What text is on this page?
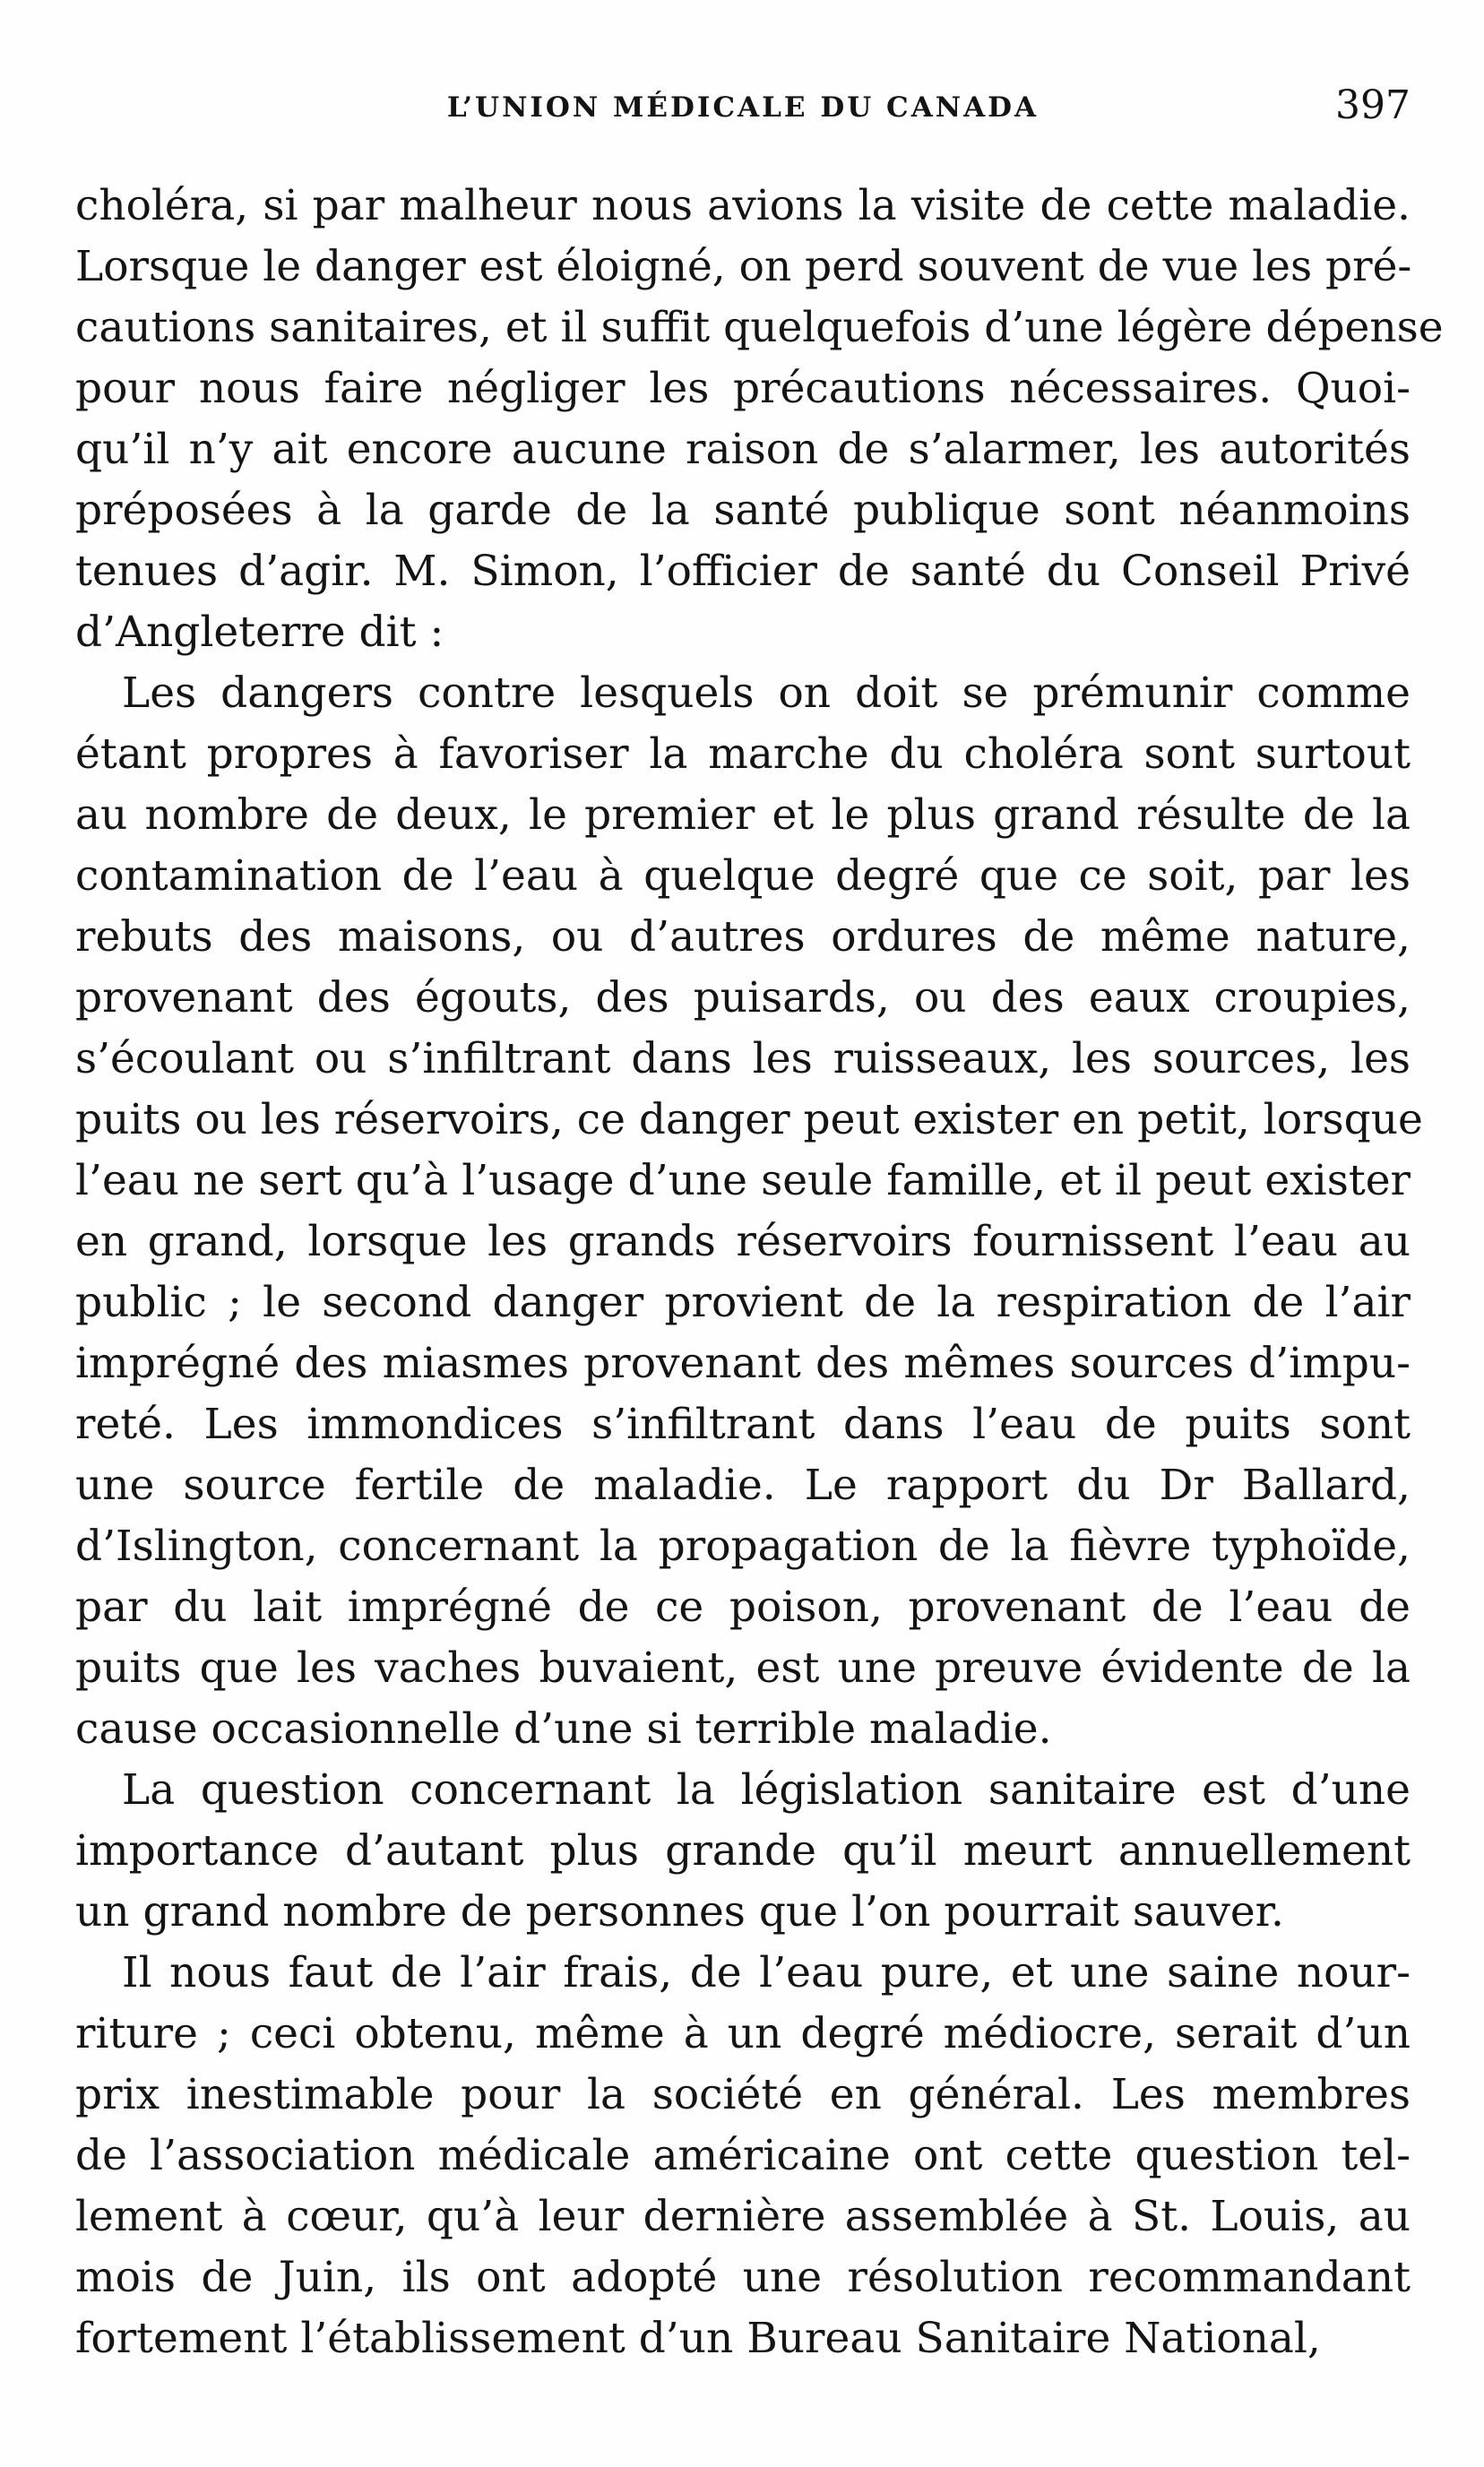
L’UNION MÉDICALE DU CANADA	397
choléra, si par malheur nous avions la visite de cette maladie.
Lorsque le danger est éloigné, on perd souvent de vue les pré-
cautions sanitaires, et il suffit quelquefois d’une légère dépense
pour nous faire négliger les précautions nécessaires. Quoi-
qu’il n’y ait encore aucune raison de s’alarmer, les autorités
préposées à la garde de la santé publique sont néanmoins
tenues d’agir. M. Simon, l’officier de santé du Conseil Privé
d’Angleterre dit :
Les dangers contre lesquels on doit se prémunir comme
étant propres à favoriser la marche du choléra sont surtout
au nombre de deux, le premier et le plus grand résulte de la
contamination de l’eau à quelque degré que ce soit, par les
rebuts des maisons, ou d’autres ordures de même nature,
provenant des égouts, des puisards, ou des eaux croupies,
s’écoulant ou s’infiltrant dans les ruisseaux, les sources, les
puits ou les réservoirs, ce danger peut exister en petit, lorsque
l’eau ne sert qu’à l’usage d’une seule famille, et il peut exister
en grand, lorsque les grands réservoirs fournissent l’eau au
public ; le second danger provient de la respiration de l’air
imprégné des miasmes provenant des mêmes sources d’impu-
reté. Les immondices s’infiltrant dans l’eau de puits sont
une source fertile de maladie. Le rapport du Dr Ballard,
d’Islington, concernant la propagation de la fièvre typhoïde,
par du lait imprégné de ce poison, provenant de l’eau de
puits que les vaches buvaient, est une preuve évidente de la
cause occasionnelle d’une si terrible maladie.
La question concernant la législation sanitaire est d’une
importance d’autant plus grande qu’il meurt annuellement
un grand nombre de personnes que l’on pourrait sauver.
Il nous faut de l’air frais, de l’eau pure, et une saine nour-
riture ; ceci obtenu, même à un degré médiocre, serait d’un
prix inestimable pour la société en général. Les membres
de l’association médicale américaine ont cette question tel-
lement à cœur, qu’à leur dernière assemblée à St. Louis, au
mois de Juin, ils ont adopté une résolution recommandant
fortement l’établissement d’un Bureau Sanitaire National,
